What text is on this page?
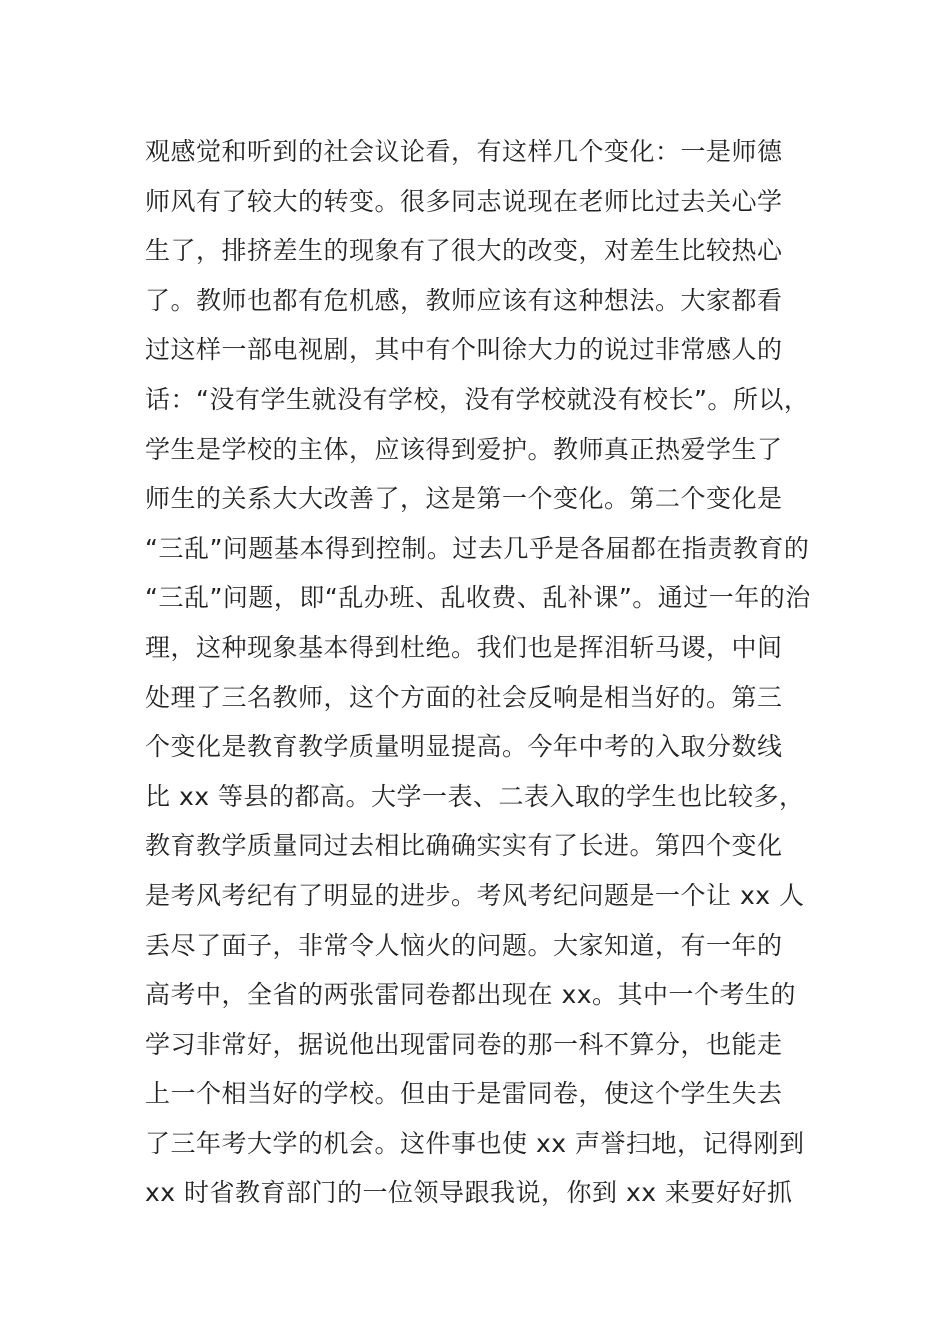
观感觉和听到的社会议论看，有这样几个变化：一是师德
师风有了较大的转变。很多同志说现在老师比过去关心学
生了，排挤差生的现象有了很大的改变，对差生比较热心
了。教师也都有危机感，教师应该有这种想法。大家都看
过这样一部电视剧，其中有个叫徐大力的说过非常感人的
话：“没有学生就没有学校，没有学校就没有校长”。所以，
学生是学校的主体，应该得到爱护。教师真正热爱学生了
师生的关系大大改善了，这是第一个变化。第二个变化是
“三乱”问题基本得到控制。过去几乎是各届都在指责教育的
“三乱”问题，即“乱办班、乱收费、乱补课”。通过一年的治
理，这种现象基本得到杜绝。我们也是挥泪斩马谡，中间
处理了三名教师，这个方面的社会反响是相当好的。第三
个变化是教育教学质量明显提高。今年中考的入取分数线
比 xx 等县的都高。大学一表、二表入取的学生也比较多，
教育教学质量同过去相比确确实实有了长进。第四个变化
是考风考纪有了明显的进步。考风考纪问题是一个让 xx 人
丢尽了面子，非常令人恼火的问题。大家知道，有一年的
高考中，全省的两张雷同卷都出现在 xx。其中一个考生的
学习非常好，据说他出现雷同卷的那一科不算分，也能走
上一个相当好的学校。但由于是雷同卷，使这个学生失去
了三年考大学的机会。这件事也使 xx 声誉扫地，记得刚到
xx 时省教育部门的一位领导跟我说，你到 xx 来要好好抓
